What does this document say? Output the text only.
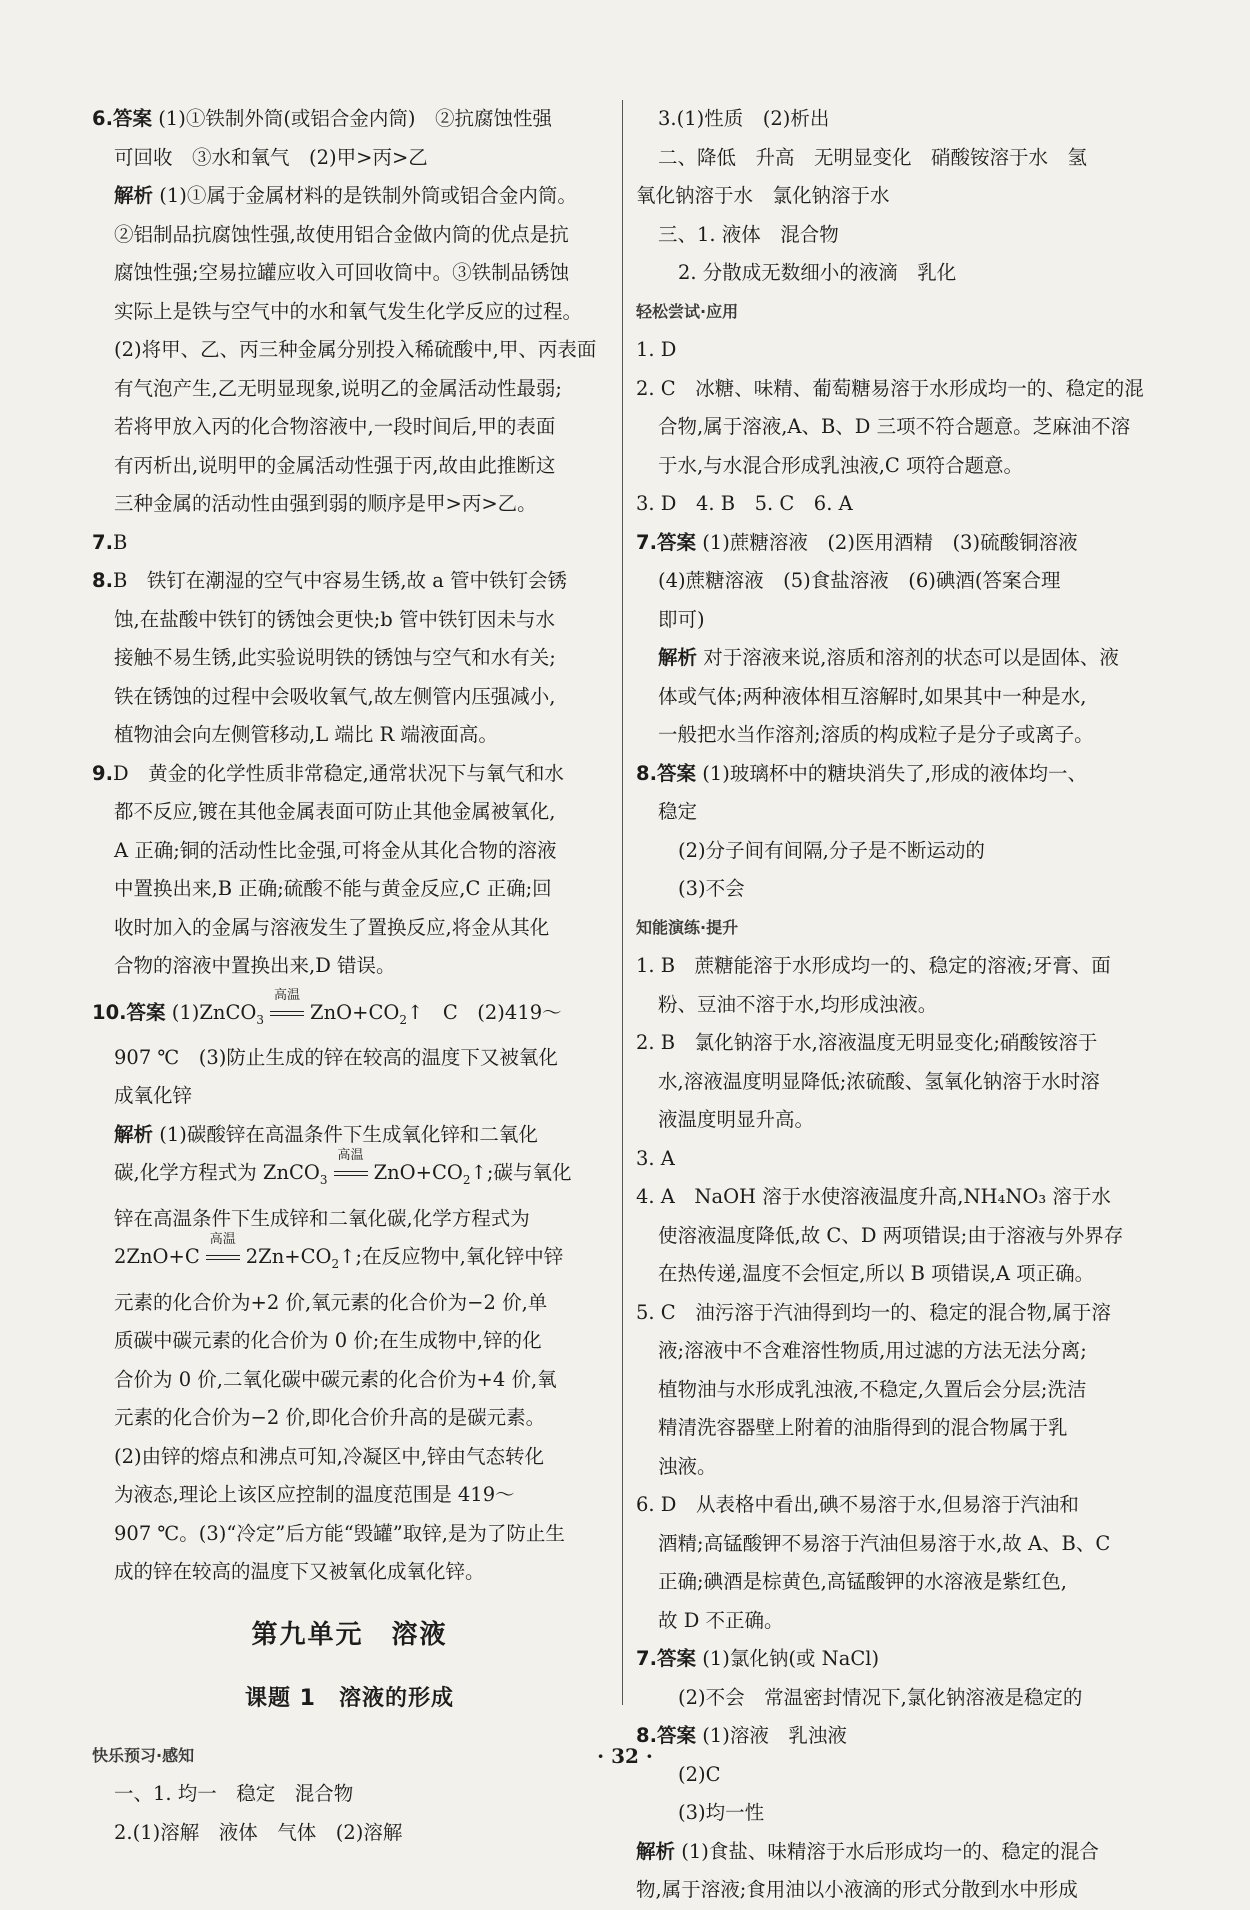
6.答案 (1)①铁制外筒(或铝合金内筒)　②抗腐蚀性强

可回收　③水和氧气　(2)甲>丙>乙

解析 (1)①属于金属材料的是铁制外筒或铝合金内筒。

②铝制品抗腐蚀性强,故使用铝合金做内筒的优点是抗

腐蚀性强;空易拉罐应收入可回收筒中。③铁制品锈蚀

实际上是铁与空气中的水和氧气发生化学反应的过程。

(2)将甲、乙、丙三种金属分别投入稀硫酸中,甲、丙表面

有气泡产生,乙无明显现象,说明乙的金属活动性最弱;

若将甲放入丙的化合物溶液中,一段时间后,甲的表面

有丙析出,说明甲的金属活动性强于丙,故由此推断这

三种金属的活动性由强到弱的顺序是甲>丙>乙。

7.B

8.B　铁钉在潮湿的空气中容易生锈,故 a 管中铁钉会锈

蚀,在盐酸中铁钉的锈蚀会更快;b 管中铁钉因未与水

接触不易生锈,此实验说明铁的锈蚀与空气和水有关;

铁在锈蚀的过程中会吸收氧气,故左侧管内压强减小,

植物油会向左侧管移动,L 端比 R 端液面高。

9.D　黄金的化学性质非常稳定,通常状况下与氧气和水

都不反应,镀在其他金属表面可防止其他金属被氧化,

A 正确;铜的活动性比金强,可将金从其化合物的溶液

中置换出来,B 正确;硫酸不能与黄金反应,C 正确;回

收时加入的金属与溶液发生了置换反应,将金从其化

合物的溶液中置换出来,D 错误。

10.答案 (1)ZnCO$_3$
高温
$ZnO+CO_2↑$　C　(2)419～

907 ℃　(3)防止生成的锌在较高的温度下又被氧化

成氧化锌

解析 (1)碳酸锌在高温条件下生成氧化锌和二氧化

碳,化学方程式为 ZnCO$_3$
高温
$ZnO+CO_2↑$;碳与氧化

锌在高温条件下生成锌和二氧化碳,化学方程式为

2ZnO+C
高温
$2Zn+CO_2↑$;在反应物中,氧化锌中锌

元素的化合价为+2 价,氧元素的化合价为−2 价,单

质碳中碳元素的化合价为 0 价;在生成物中,锌的化

合价为 0 价,二氧化碳中碳元素的化合价为+4 价,氧

元素的化合价为−2 价,即化合价升高的是碳元素。

(2)由锌的熔点和沸点可知,冷凝区中,锌由气态转化

为液态,理论上该区应控制的温度范围是 419～

907 ℃。(3)“冷定”后方能“毁罐”取锌,是为了防止生

成的锌在较高的温度下又被氧化成氧化锌。

第九单元　溶液
课题 1　溶液的形成

快乐预习·感知

一、1. 均一　稳定　混合物

2.(1)溶解　液体　气体　(2)溶解

3.(1)性质　(2)析出

二、降低　升高　无明显变化　硝酸铵溶于水　氢

氧化钠溶于水　氯化钠溶于水

三、1. 液体　混合物

2. 分散成无数细小的液滴　乳化

轻松尝试·应用

1. D

2. C　冰糖、味精、葡萄糖易溶于水形成均一的、稳定的混

合物,属于溶液,A、B、D 三项不符合题意。芝麻油不溶

于水,与水混合形成乳浊液,C 项符合题意。

3. D　4. B　5. C　6. A

7.答案 (1)蔗糖溶液　(2)医用酒精　(3)硫酸铜溶液

(4)蔗糖溶液　(5)食盐溶液　(6)碘酒(答案合理

即可)

解析 对于溶液来说,溶质和溶剂的状态可以是固体、液

体或气体;两种液体相互溶解时,如果其中一种是水,

一般把水当作溶剂;溶质的构成粒子是分子或离子。

8.答案 (1)玻璃杯中的糖块消失了,形成的液体均一、

稳定

(2)分子间有间隔,分子是不断运动的

(3)不会

知能演练·提升

1. B　蔗糖能溶于水形成均一的、稳定的溶液;牙膏、面

粉、豆油不溶于水,均形成浊液。

2. B　氯化钠溶于水,溶液温度无明显变化;硝酸铵溶于

水,溶液温度明显降低;浓硫酸、氢氧化钠溶于水时溶

液温度明显升高。

3. A

4. A　NaOH 溶于水使溶液温度升高,NH₄NO₃ 溶于水

使溶液温度降低,故 C、D 两项错误;由于溶液与外界存

在热传递,温度不会恒定,所以 B 项错误,A 项正确。

5. C　油污溶于汽油得到均一的、稳定的混合物,属于溶

液;溶液中不含难溶性物质,用过滤的方法无法分离;

植物油与水形成乳浊液,不稳定,久置后会分层;洗洁

精清洗容器壁上附着的油脂得到的混合物属于乳

浊液。

6. D　从表格中看出,碘不易溶于水,但易溶于汽油和

酒精;高锰酸钾不易溶于汽油但易溶于水,故 A、B、C

正确;碘酒是棕黄色,高锰酸钾的水溶液是紫红色,

故 D 不正确。

7.答案 (1)氯化钠(或 NaCl)

(2)不会　常温密封情况下,氯化钠溶液是稳定的

8.答案 (1)溶液　乳浊液

(2)C

(3)均一性

解析 (1)食盐、味精溶于水后形成均一的、稳定的混合

物,属于溶液;食用油以小液滴的形式分散到水中形成

· 32 ·
